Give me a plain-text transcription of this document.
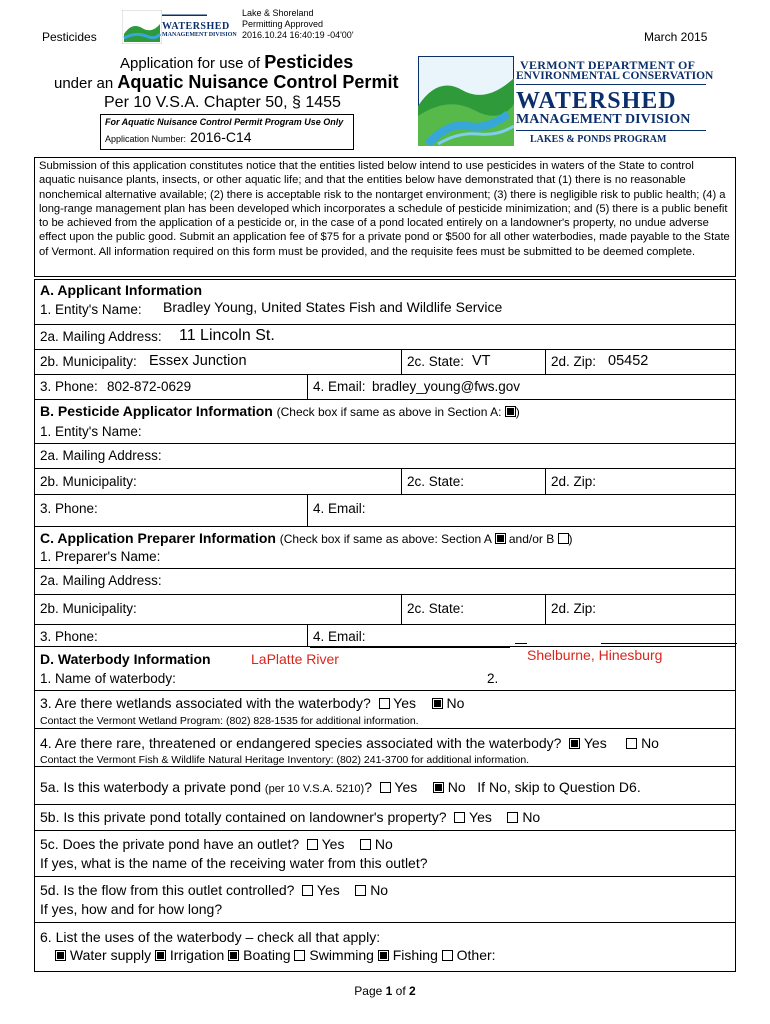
Pesticides
▬▬▬▬▬▬▬▬▬
WATERSHED
MANAGEMENT DIVISION
Lake & Shoreland
Permitting Approved
2016.10.24 16:40:19 -04'00'	March 2015
Application for use of Pesticides
under an Aquatic Nuisance Control Permit
Per 10 V.S.A. Chapter 50, § 1455
For Aquatic Nuisance Control Permit Program Use Only
Application Number: 2016-C14
VERMONT DEPARTMENT OF
ENVIRONMENTAL CONSERVATION
WATERSHED
MANAGEMENT DIVISION
LAKES & PONDS PROGRAM
Submission of this application constitutes notice that the entities listed below intend to use pesticides in waters of the State to control aquatic nuisance plants, insects, or other aquatic life; and that the entities below have demonstrated that (1) there is no reasonable nonchemical alternative available; (2) there is acceptable risk to the nontarget environment; (3) there is negligible risk to public health; (4) a long-range management plan has been developed which incorporates a schedule of pesticide minimization; and (5) there is a public benefit to be achieved from the application of a pesticide or, in the case of a pond located entirely on a landowner's property, no undue adverse effect upon the public good. Submit an application fee of $75 for a private pond or $500 for all other waterbodies, made payable to the State of Vermont. All information required on this form must be provided, and the requisite fees must be submitted to be deemed complete.
A. Applicant Information
1. Entity's Name: Bradley Young, United States Fish and Wildlife Service
2a. Mailing Address: 11 Lincoln St.
2b. Municipality: Essex Junction	2c. State: VT	2d. Zip: 05452
3. Phone: 802-872-0629	4. Email: bradley_young@fws.gov
B. Pesticide Applicator Information (Check box if same as above in Section A: )
1. Entity's Name:
2a. Mailing Address:
2b. Municipality:	2c. State:	2d. Zip:
3. Phone:	4. Email:
C. Application Preparer Information (Check box if same as above: Section A  and/or B )
1. Preparer's Name:
2a. Mailing Address:
2b. Municipality:	2c. State:	2d. Zip:
3. Phone:	4. Email:
D. Waterbody Information	LaPlatte River	Shelburne, Hinesburg
1. Name of waterbody:	2.
3. Are there wetlands associated with the waterbody? Yes No
Contact the Vermont Wetland Program: (802) 828-1535 for additional information.
4. Are there rare, threatened or endangered species associated with the waterbody? Yes No
Contact the Vermont Fish & Wildlife Natural Heritage Inventory: (802) 241-3700 for additional information.
5a. Is this waterbody a private pond (per 10 V.S.A. 5210)? Yes No If No, skip to Question D6.
5b. Is this private pond totally contained on landowner's property? Yes No
5c. Does the private pond have an outlet? Yes No
If yes, what is the name of the receiving water from this outlet?
5d. Is the flow from this outlet controlled? Yes No
If yes, how and for how long?
6. List the uses of the waterbody – check all that apply:
Water supply Irrigation Boating Swimming Fishing Other:
Page 1 of 2
